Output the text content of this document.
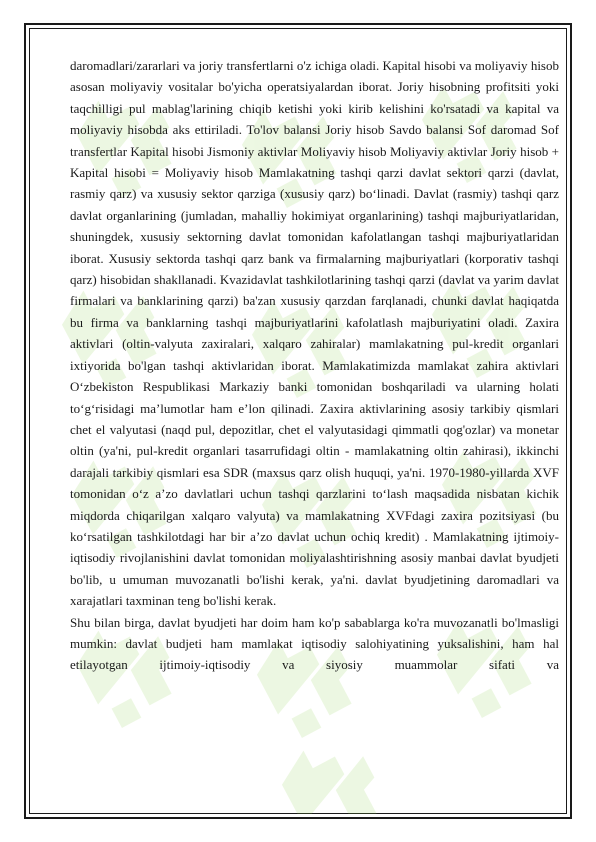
daromadlari/zararlari va joriy transfertlarni o'z ichiga oladi. Kapital hisobi va moliyaviy hisob asosan moliyaviy vositalar bo'yicha operatsiyalardan iborat. Joriy hisobning profitsiti yoki taqchilligi pul mablag'larining chiqib ketishi yoki kirib kelishini ko'rsatadi va kapital va moliyaviy hisobda aks ettiriladi. To'lov balansi Joriy hisob Savdo balansi Sof daromad Sof transfertlar Kapital hisobi Jismoniy aktivlar Moliyaviy hisob Moliyaviy aktivlar Joriy hisob + Kapital hisobi = Moliyaviy hisob Mamlakatning tashqi qarzi davlat sektori qarzi (davlat, rasmiy qarz) va xususiy sektor qarziga (xususiy qarz) bo‘linadi. Davlat (rasmiy) tashqi qarz davlat organlarining (jumladan, mahalliy hokimiyat organlarining) tashqi majburiyatlaridan, shuningdek, xususiy sektorning davlat tomonidan kafolatlangan tashqi majburiyatlaridan iborat. Xususiy sektorda tashqi qarz bank va firmalarning majburiyatlari (korporativ tashqi qarz) hisobidan shakllanadi. Kvazidavlat tashkilotlarining tashqi qarzi (davlat va yarim davlat firmalari va banklarining qarzi) ba'zan xususiy qarzdan farqlanadi, chunki davlat haqiqatda bu firma va banklarning tashqi majburiyatlarini kafolatlash majburiyatini oladi. Zaxira aktivlari (oltin-valyuta zaxiralari, xalqaro zahiralar) mamlakatning pul-kredit organlari ixtiyorida bo'lgan tashqi aktivlaridan iborat. Mamlakatimizda mamlakat zahira aktivlari O‘zbekiston Respublikasi Markaziy banki tomonidan boshqariladi va ularning holati to‘g‘risidagi ma’lumotlar ham e’lon qilinadi. Zaxira aktivlarining asosiy tarkibiy qismlari chet el valyutasi (naqd pul, depozitlar, chet el valyutasidagi qimmatli qog'ozlar) va monetar oltin (ya'ni, pul-kredit organlari tasarrufidagi oltin - mamlakatning oltin zahirasi), ikkinchi darajali tarkibiy qismlari esa SDR (maxsus qarz olish huquqi, ya'ni. 1970-1980-yillarda XVF tomonidan o‘z a’zo davlatlari uchun tashqi qarzlarini to‘lash maqsadida nisbatan kichik miqdorda chiqarilgan xalqaro valyuta) va mamlakatning XVFdagi zaxira pozitsiyasi (bu ko‘rsatilgan tashkilotdagi har bir a’zo davlat uchun ochiq kredit) . Mamlakatning ijtimoiy-iqtisodiy rivojlanishini davlat tomonidan moliyalashtirishning asosiy manbai davlat byudjeti bo'lib, u umuman muvozanatli bo'lishi kerak, ya'ni. davlat byudjetining daromadlari va xarajatlari taxminan teng bo'lishi kerak.

Shu bilan birga, davlat byudjeti har doim ham ko'p sabablarga ko'ra muvozanatli bo'lmasligi mumkin: davlat budjeti ham mamlakat iqtisodiy salohiyatining yuksalishini, ham hal etilayotgan ijtimoiy-iqtisodiy va siyosiy muammolar sifati va
